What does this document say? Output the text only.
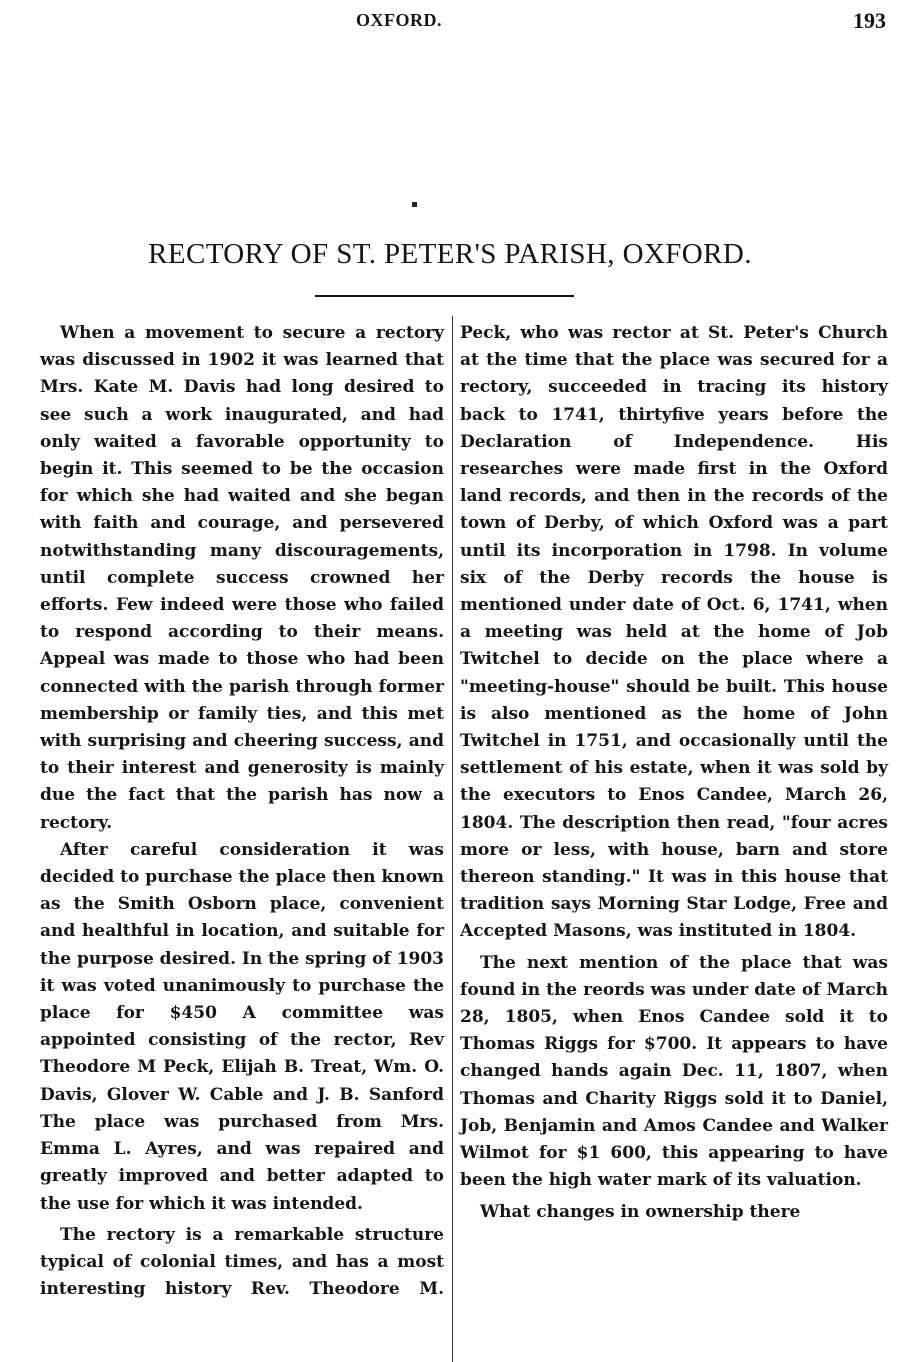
OXFORD.	193
RECTORY OF ST. PETER'S PARISH, OXFORD.

When a movement to secure a rectory was discussed in 1902 it was learned that Mrs. Kate M. Davis had long desired to see such a work inaugurated, and had only waited a favorable opportunity to begin it. This seemed to be the occasion for which she had waited and she began with faith and courage, and persevered notwithstanding many discouragements, until complete success crowned her efforts. Few indeed were those who failed to respond according to their means. Appeal was made to those who had been connected with the parish through former membership or family ties, and this met with surprising and cheering success, and to their interest and generosity is mainly due the fact that the parish has now a rectory.

After careful consideration it was decided to purchase the place then known as the Smith Osborn place, convenient and healthful in location, and suitable for the purpose desired. In the spring of 1903 it was voted unanimously to purchase the place for $450 A committee was appointed consisting of the rector, Rev Theodore M Peck, Elijah B. Treat, Wm. O. Davis, Glover W. Cable and J. B. Sanford The place was purchased from Mrs. Emma L. Ayres, and was repaired and greatly improved and better adapted to the use for which it was intended.

The rectory is a remarkable structure typical of colonial times, and has a most interesting history Rev. Theodore M.

Peck, who was rector at St. Peter's Church at the time that the place was secured for a rectory, succeeded in tracing its history back to 1741, thirtyfive years before the Declaration of Independence. His researches were made first in the Oxford land records, and then in the records of the town of Derby, of which Oxford was a part until its incorporation in 1798. In volume six of the Derby records the house is mentioned under date of Oct. 6, 1741, when a meeting was held at the home of Job Twitchel to decide on the place where a "meeting-house" should be built. This house is also mentioned as the home of John Twitchel in 1751, and occasionally until the settlement of his estate, when it was sold by the executors to Enos Candee, March 26, 1804. The description then read, "four acres more or less, with house, barn and store thereon standing." It was in this house that tradition says Morning Star Lodge, Free and Accepted Masons, was instituted in 1804.

The next mention of the place that was found in the reords was under date of March 28, 1805, when Enos Candee sold it to Thomas Riggs for $700. It appears to have changed hands again Dec. 11, 1807, when Thomas and Charity Riggs sold it to Daniel, Job, Benjamin and Amos Candee and Walker Wilmot for $1 600, this appearing to have been the high water mark of its valuation.

What changes in ownership there
